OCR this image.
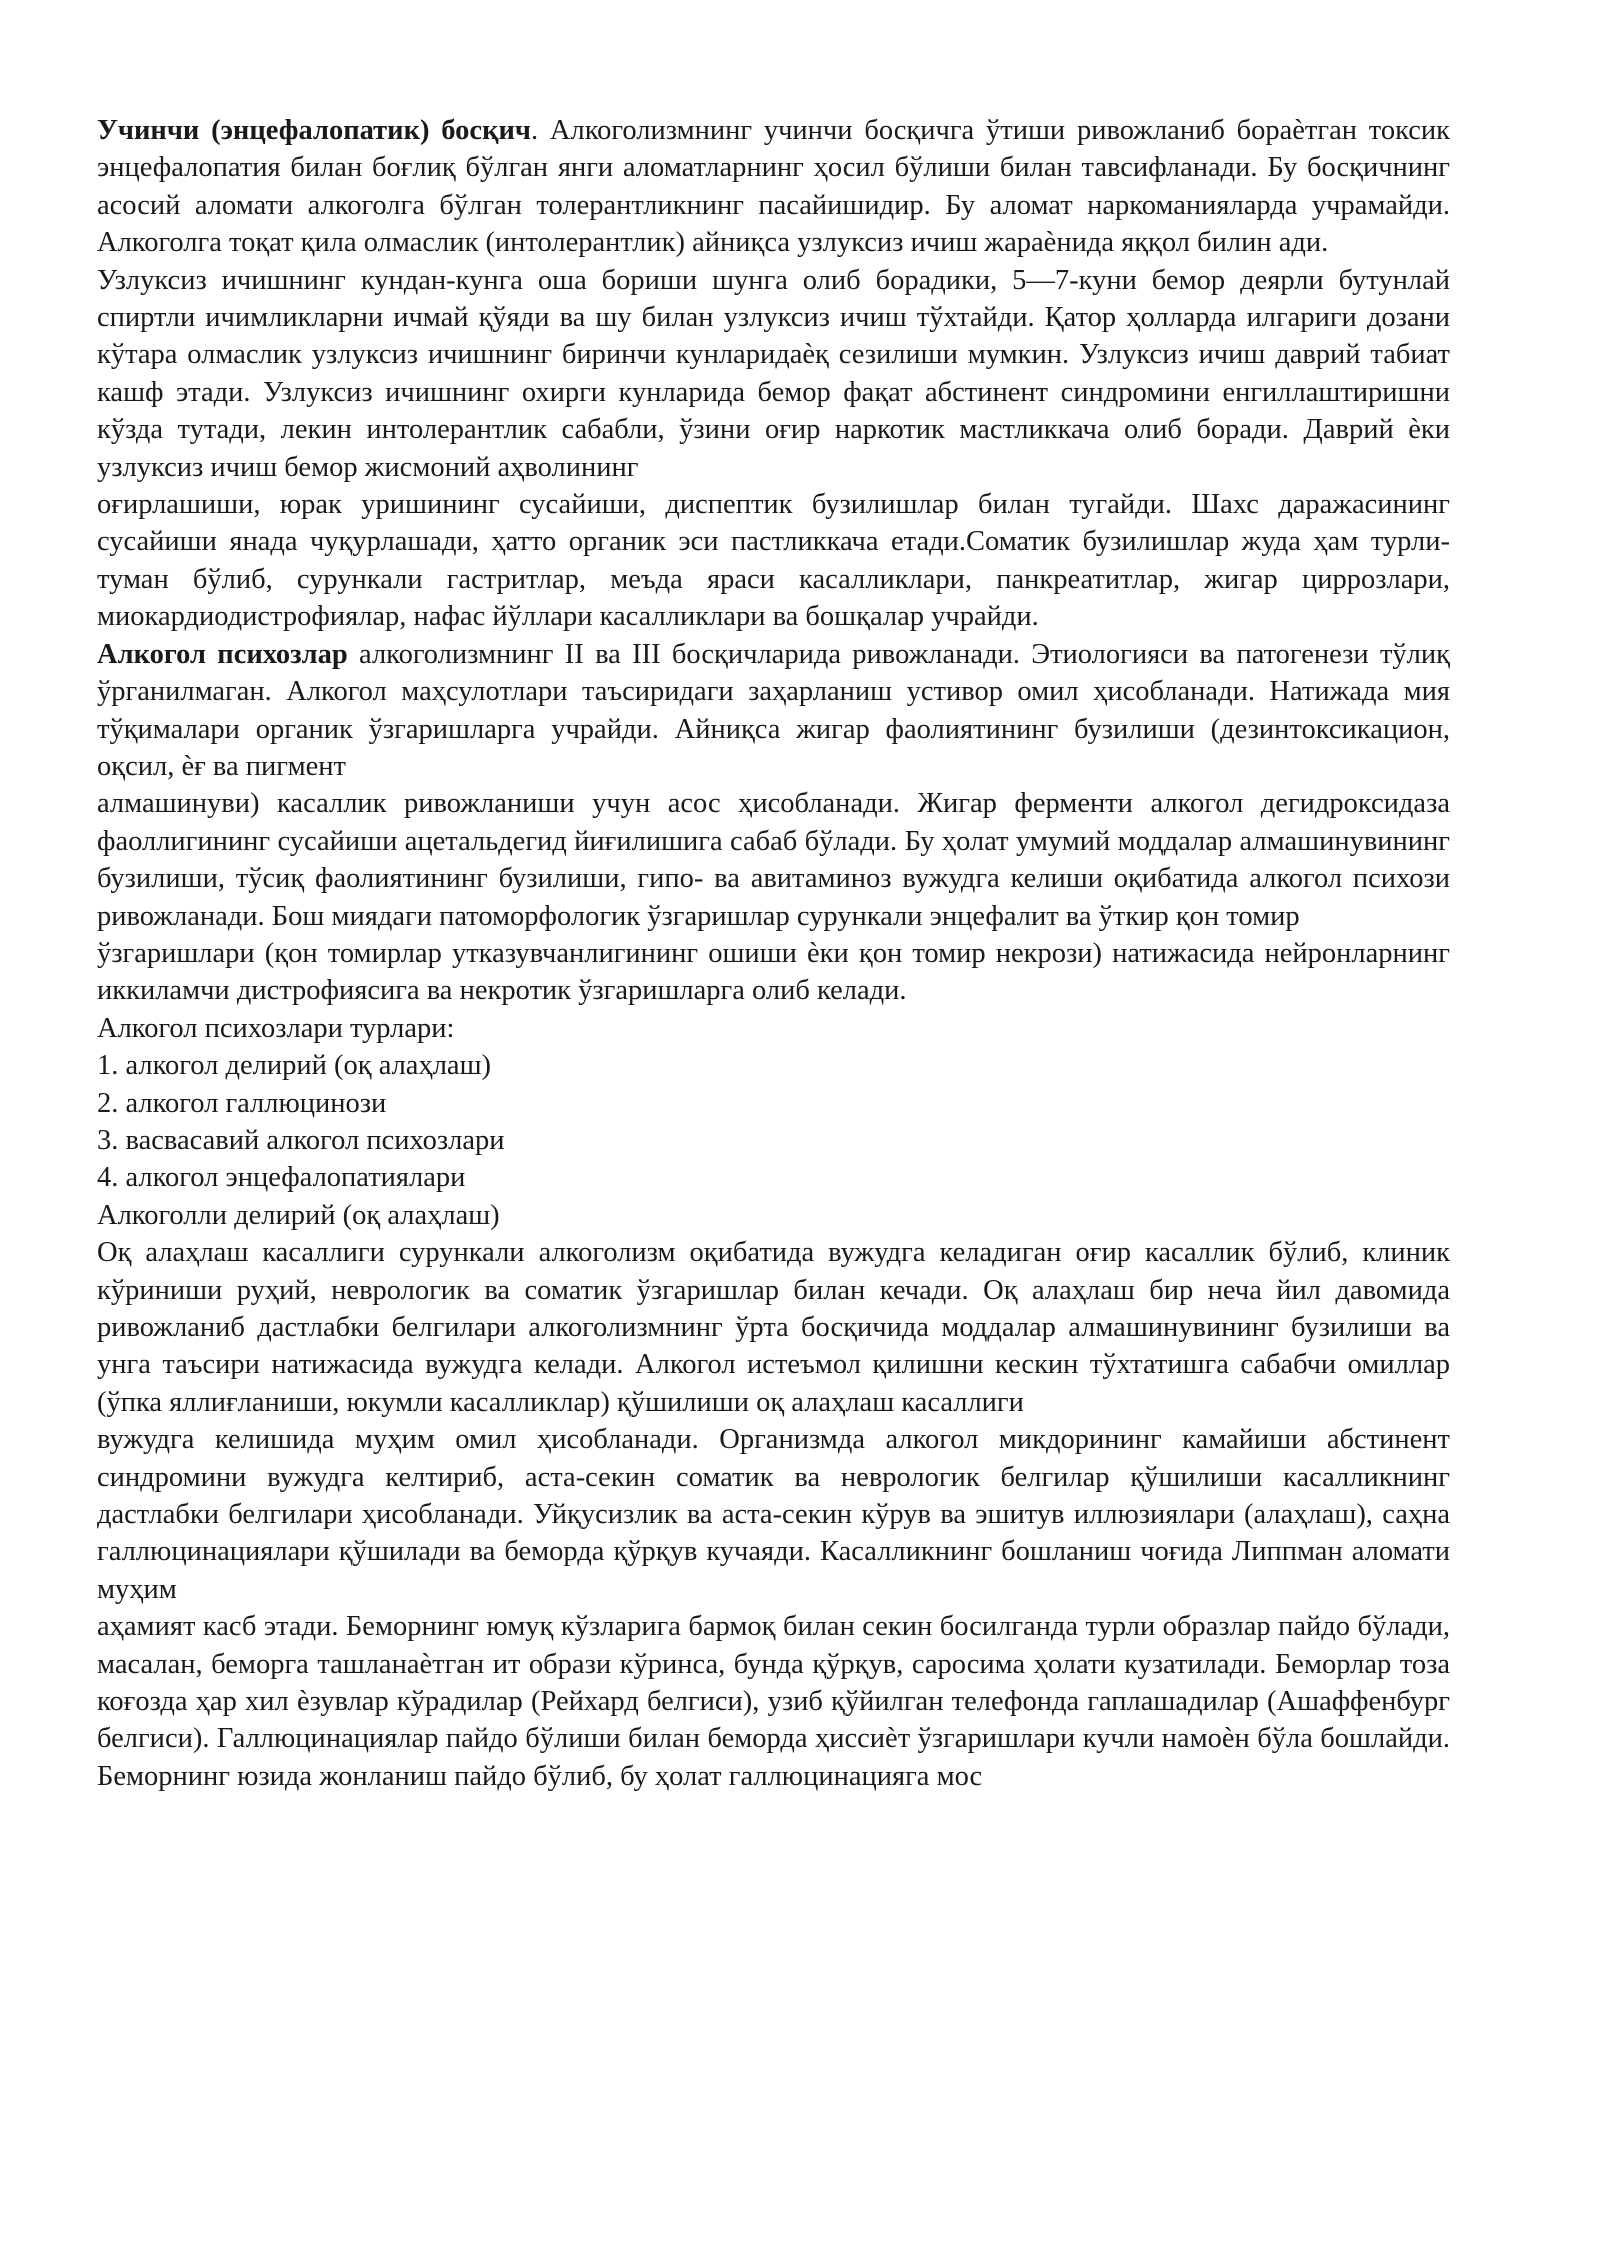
Учинчи (энцефалопатик) босқич. Алкоголизмнинг учинчи босқичга ўтиши ривожланиб бораѐтган токсик энцефалопатия билан боғлиқ бўлган янги аломатларнинг ҳосил бўлиши билан тавсифланади. Бу босқичнинг асосий аломати алкоголга бўлган толерантликнинг пасайишидир. Бу аломат наркоманияларда учрамайди. Алкоголга тоқат қила олмаслик (интолерантлик) айниқса узлуксиз ичиш жараѐнида яққол билин ади.

Узлуксиз ичишнинг кундан-кунга оша бориши шунга олиб борадики, 5—7-куни бемор деярли бутунлай спиртли ичимликларни ичмай қўяди ва шу билан узлуксиз ичиш тўхтайди. Қатор ҳолларда илгариги дозани кўтара олмаслик узлуксиз ичишнинг биринчи кунларидаѐқ сезилиши мумкин. Узлуксиз ичиш даврий табиат кашф этади. Узлуксиз ичишнинг охирги кунларида бемор фақат абстинент синдромини енгиллаштиришни кўзда тутади, лекин интолерантлик сабабли, ўзини оғир наркотик мастликкача олиб боради. Даврий ѐки узлуксиз ичиш бемор жисмоний аҳволининг

оғирлашиши, юрак уришининг сусайиши, диспептик бузилишлар билан тугайди. Шахс даражасининг сусайиши янада чуқурлашади, ҳатто органик эси пастликкача етади.Соматик бузилишлар жуда ҳам турли-туман бўлиб, сурункали гастритлар, меъда яраси касалликлари, панкреатитлар, жигар циррозлари, миокардиодистрофиялар, нафас йўллари касалликлари ва бошқалар учрайди.

Алкогол психозлар алкоголизмнинг II ва III босқичларида ривожланади. Этиологияси ва патогенези тўлиқ ўрганилмаган. Алкогол маҳсулотлари таъсиридаги заҳарланиш устивор омил ҳисобланади. Натижада мия тўқималари органик ўзгаришларга учрайди. Айниқса жигар фаолиятининг бузилиши (дезинтоксикацион, оқсил, ѐғ ва пигмент

алмашинуви) касаллик ривожланиши учун асос ҳисобланади. Жигар ферменти алкогол дегидроксидаза фаоллигининг сусайиши ацетальдегид йиғилишига сабаб бўлади. Бу ҳолат умумий моддалар алмашинувининг бузилиши, тўсиқ фаолиятининг бузилиши, гипо- ва авитаминоз вужудга келиши оқибатида алкогол психози ривожланади. Бош миядаги патоморфологик ўзгаришлар сурункали энцефалит ва ўткир қон томир

ўзгаришлари (қон томирлар утказувчанлигининг ошиши ѐки қон томир некрози) натижасида нейронларнинг иккиламчи дистрофиясига ва некротик ўзгаришларга олиб келади.

Алкогол психозлари турлари:

1. алкогол делирий (оқ алаҳлаш)
2. алкогол галлюцинози
3. васвасавий алкогол психозлари
4. алкогол энцефалопатиялари

Алкоголли делирий (оқ алаҳлаш)

Оқ алаҳлаш касаллиги сурункали алкоголизм оқибатида вужудга келадиган оғир касаллик бўлиб, клиник кўриниши руҳий, неврологик ва соматик ўзгаришлар билан кечади. Оқ алаҳлаш бир неча йил давомида ривожланиб дастлабки белгилари алкоголизмнинг ўрта босқичида моддалар алмашинувининг бузилиши ва унга таъсири натижасида вужудга келади. Алкогол истеъмол қилишни кескин тўхтатишга сабабчи омиллар (ўпка яллиғланиши, юкумли касалликлар) қўшилиши оқ алаҳлаш касаллиги

вужудга келишида муҳим омил ҳисобланади. Организмда алкогол микдорининг камайиши абстинент синдромини вужудга келтириб, аста-секин соматик ва неврологик белгилар қўшилиши касалликнинг дастлабки белгилари ҳисобланади. Уйқусизлик ва аста-секин кўрув ва эшитув иллюзиялари (алаҳлаш), саҳна галлюцинациялари қўшилади ва беморда қўрқув кучаяди. Касалликнинг бошланиш чоғида Липпман аломати муҳим

аҳамият касб этади. Беморнинг юмуқ кўзларига бармоқ билан секин босилганда турли образлар пайдо бўлади, масалан, беморга ташланаѐтган ит образи кўринса, бунда қўрқув, саросима ҳолати кузатилади. Беморлар тоза коғозда ҳар хил ѐзувлар кўрадилар (Рейхард белгиси), узиб қўйилган телефонда гаплашадилар (Ашаффенбург белгиси). Галлюцинациялар пайдо бўлиши билан беморда ҳиссиѐт ўзгаришлари кучли намоѐн бўла бошлайди. Беморнинг юзида жонланиш пайдо бўлиб, бу ҳолат галлюцинацияга мос
